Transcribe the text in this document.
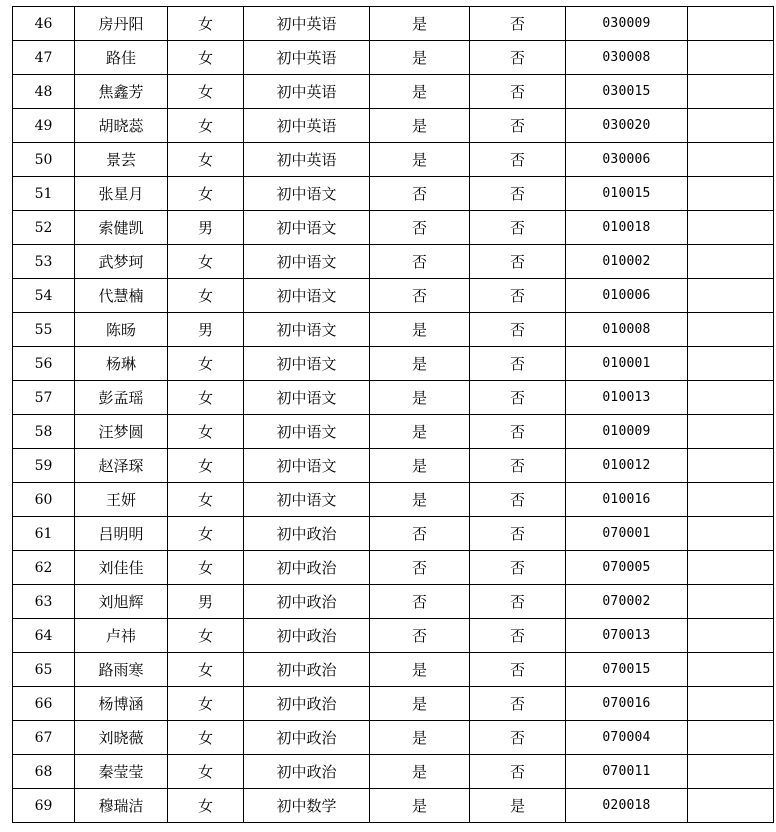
46	房丹阳	女	初中英语	是	否	030009	
47	路佳	女	初中英语	是	否	030008	
48	焦鑫芳	女	初中英语	是	否	030015	
49	胡晓蕊	女	初中英语	是	否	030020	
50	景芸	女	初中英语	是	否	030006	
51	张星月	女	初中语文	否	否	010015	
52	索健凯	男	初中语文	否	否	010018	
53	武梦珂	女	初中语文	否	否	010002	
54	代慧楠	女	初中语文	否	否	010006	
55	陈旸	男	初中语文	是	否	010008	
56	杨琳	女	初中语文	是	否	010001	
57	彭孟瑶	女	初中语文	是	否	010013	
58	汪梦圆	女	初中语文	是	否	010009	
59	赵泽琛	女	初中语文	是	否	010012	
60	王妍	女	初中语文	是	否	010016	
61	吕明明	女	初中政治	否	否	070001	
62	刘佳佳	女	初中政治	否	否	070005	
63	刘旭辉	男	初中政治	否	否	070002	
64	卢祎	女	初中政治	否	否	070013	
65	路雨寒	女	初中政治	是	否	070015	
66	杨博涵	女	初中政治	是	否	070016	
67	刘晓薇	女	初中政治	是	否	070004	
68	秦莹莹	女	初中政治	是	否	070011	
69	穆瑞洁	女	初中数学	是	是	020018	
